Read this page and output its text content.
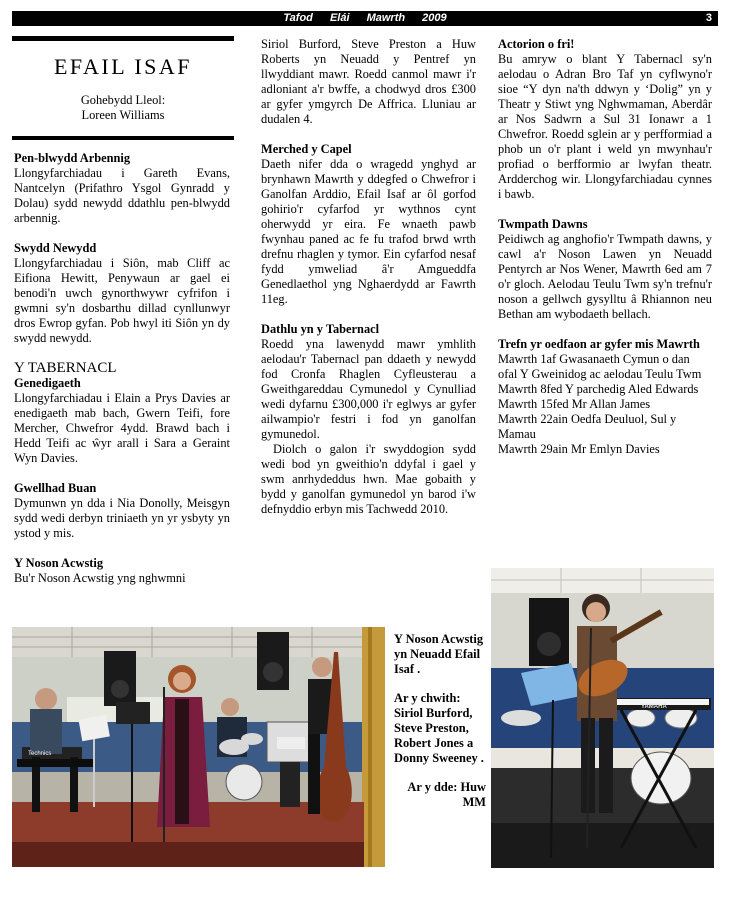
Tafod Elái Mawrth 2009	3
EFAIL ISAF
Gohebydd Lleol:
Loreen Williams

Pen-blwydd Arbennig

Llongyfarchiadau i Gareth Evans, Nantcelyn (Prifathro Ysgol Gynradd y Dolau) sydd newydd ddathlu pen-blwydd arbennig.

Swydd Newydd

Llongyfarchiadau i Siôn, mab Cliff ac Eifiona Hewitt, Penywaun ar gael ei benodi'n uwch gynorthwywr cyfrifon i gwmni sy'n dosbarthu dillad cynllunwyr dros Ewrop gyfan. Pob hwyl iti Siôn yn dy swydd newydd.

Y TABERNACL

Genedigaeth

Llongyfarchiadau i Elain a Prys Davies ar enedigaeth mab bach, Gwern Teifi, fore Mercher, Chwefror 4ydd. Brawd bach i Hedd Teifi ac ŵyr arall i Sara a Geraint Wyn Davies.

Gwellhad Buan

Dymunwn yn dda i Nia Donolly, Meisgyn sydd wedi derbyn triniaeth yn yr ysbyty yn ystod y mis.

Y Noson Acwstig

Bu'r Noson Acwstig yng nghwmni

Siriol Burford, Steve Preston a Huw Roberts yn Neuadd y Pentref yn llwyddiant mawr. Roedd canmol mawr i'r adloniant a'r bwffe, a chodwyd dros £300 ar gyfer ymgyrch De Affrica. Lluniau ar dudalen 4.

Merched y Capel

Daeth nifer dda o wragedd ynghyd ar brynhawn Mawrth y ddegfed o Chwefror i Ganolfan Arddio, Efail Isaf ar ôl gorfod gohirio'r cyfarfod yr wythnos cynt oherwydd yr eira. Fe wnaeth pawb fwynhau paned ac fe fu trafod brwd wrth drefnu rhaglen y tymor. Ein cyfarfod nesaf fydd ymweliad â'r Amgueddfa Genedlaethol yng Nghaerdydd ar Fawrth 11eg.

Dathlu yn y Tabernacl

Roedd yna lawenydd mawr ymhlith aelodau'r Tabernacl pan ddaeth y newydd fod Cronfa Rhaglen Cyfleusterau a Gweithgareddau Cymunedol y Cynulliad wedi dyfarnu £300,000 i'r eglwys ar gyfer ailwampio'r festri i fod yn ganolfan gymunedol.

Diolch o galon i'r swyddogion sydd wedi bod yn gweithio'n ddyfal i gael y swm anrhydeddus hwn. Mae gobaith y bydd y ganolfan gymunedol yn barod i'w defnyddio erbyn mis Tachwedd 2010.

Actorion o fri!

Bu amryw o blant Y Tabernacl sy'n aelodau o Adran Bro Taf yn cyflwyno'r sioe “Y dyn na'th ddwyn y ‘Dolig” yn y Theatr y Stiwt yng Nghwmaman, Aberdâr ar Nos Sadwrn a Sul 31 Ionawr a 1 Chwefror. Roedd sglein ar y perfformiad a phob un o'r plant i weld yn mwynhau'r profiad o berfformio ar lwyfan theatr. Ardderchog wir. Llongyfarchiadau cynnes i bawb.

Twmpath Dawns

Peidiwch ag anghofio'r Twmpath dawns, y cawl a'r Noson Lawen yn Neuadd Pentyrch ar Nos Wener, Mawrth 6ed am 7 o'r gloch. Aelodau Teulu Twm sy'n trefnu'r noson a gellwch gysylltu â Rhiannon neu Bethan am wybodaeth bellach.

Trefn yr oedfaon ar gyfer mis Mawrth

Mawrth 1af Gwasanaeth Cymun o dan ofal Y Gweinidog ac aelodau Teulu Twm

Mawrth 8fed Y parchedig Aled Edwards

Mawrth 15fed Mr Allan James

Mawrth 22ain Oedfa Deuluol, Sul y Mamau

Mawrth 29ain Mr Emlyn Davies

Technics

Y Noson Acwstig yn Neuadd Efail Isaf .

Ar y chwith: Siriol Burford, Steve Preston, Robert Jones a Donny Sweeney .

Ar y dde: Huw MM

YAMAHA
